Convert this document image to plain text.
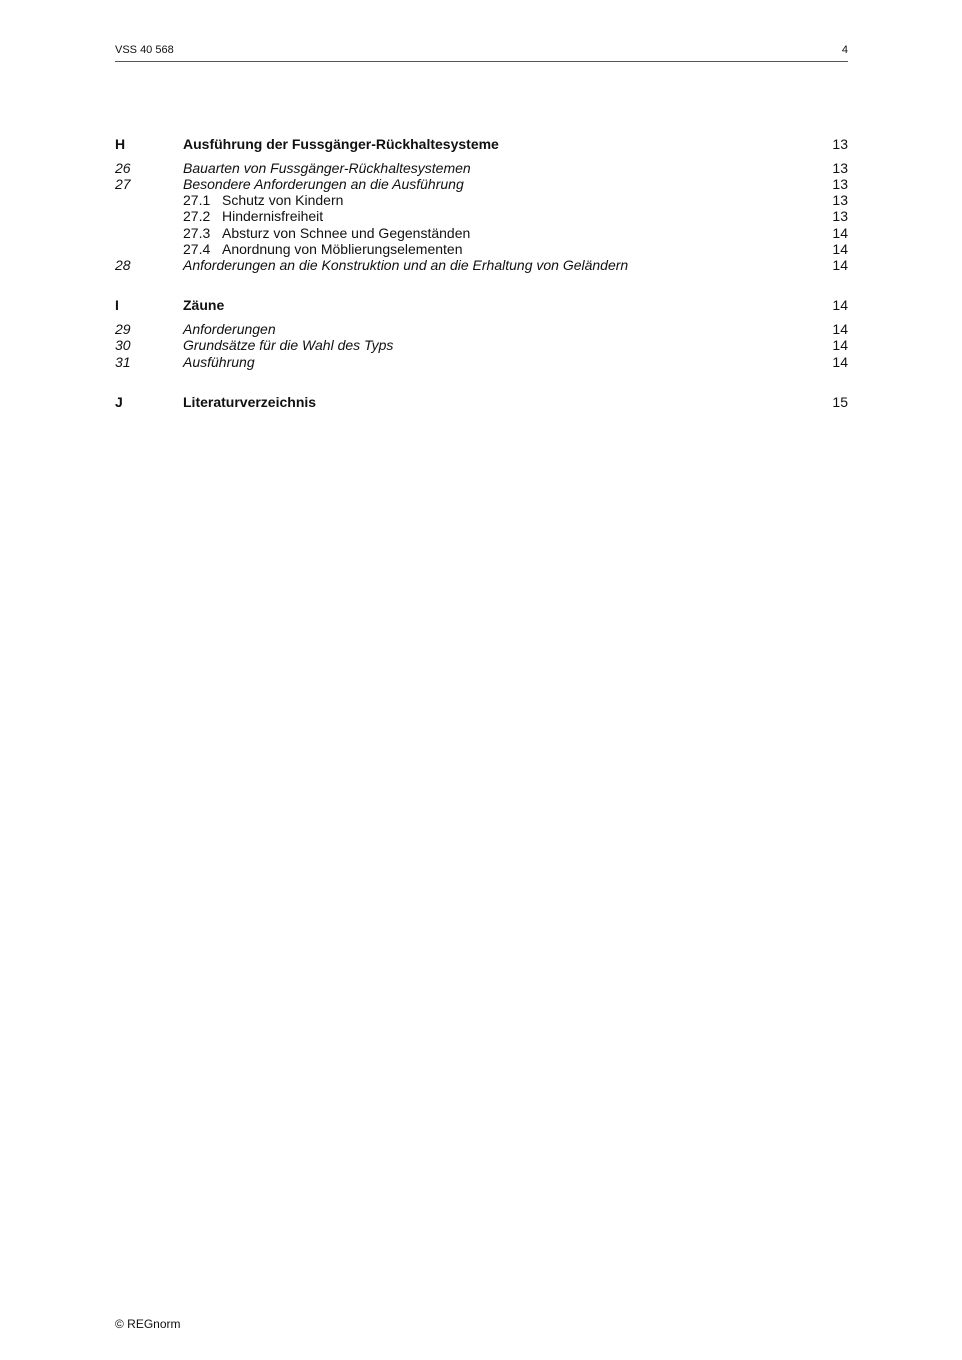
VSS 40 568	4
H	Ausführung der Fussgänger-Rückhaltesysteme	13
26	Bauarten von Fussgänger-Rückhaltesystemen	13
27	Besondere Anforderungen an die Ausführung	13
27.1 Schutz von Kindern	13
27.2 Hindernisfreiheit	13
27.3 Absturz von Schnee und Gegenständen	14
27.4 Anordnung von Möblierungselementen	14
28	Anforderungen an die Konstruktion und an die Erhaltung von Geländern	14
I	Zäune	14
29	Anforderungen	14
30	Grundsätze für die Wahl des Typs	14
31	Ausführung	14
J	Literaturverzeichnis	15
© REGnorm
